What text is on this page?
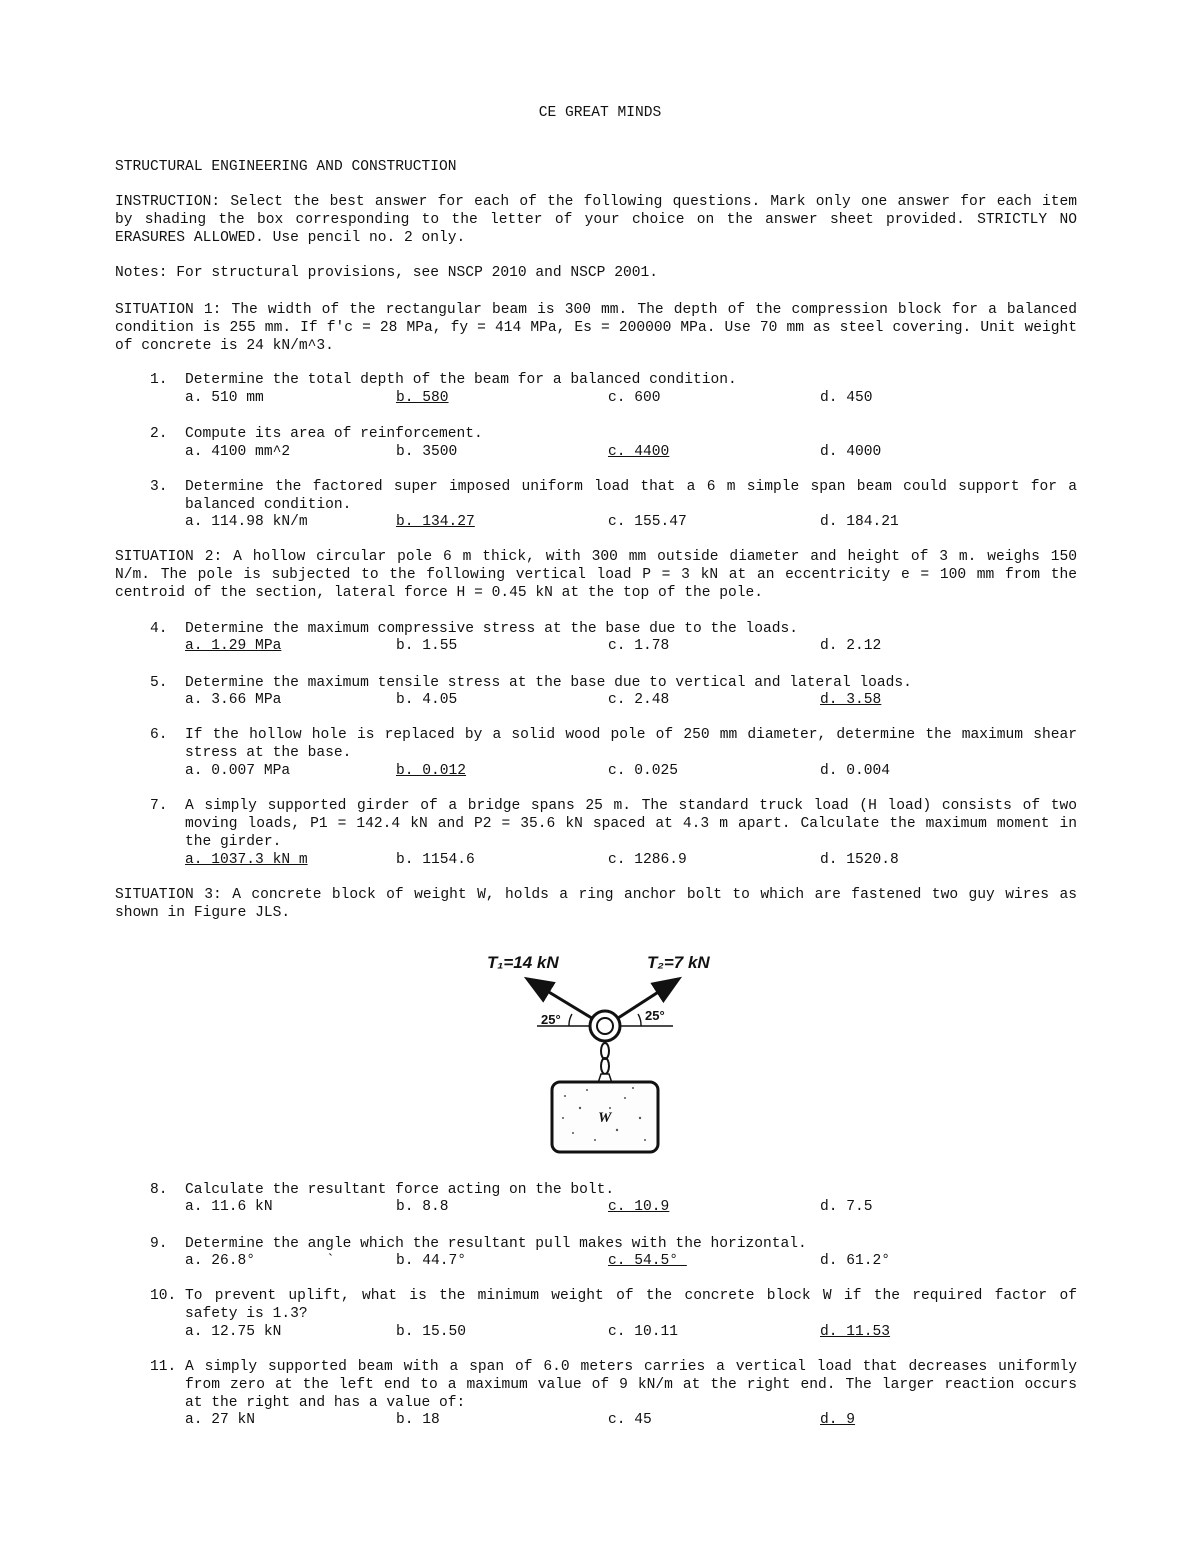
CE GREAT MINDS
STRUCTURAL ENGINEERING AND CONSTRUCTION
INSTRUCTION: Select the best answer for each of the following questions. Mark only one answer for each item by shading the box corresponding to the letter of your choice on the answer sheet provided. STRICTLY NO ERASURES ALLOWED. Use pencil no. 2 only.
Notes: For structural provisions, see NSCP 2010 and NSCP 2001.
SITUATION 1: The width of the rectangular beam is 300 mm. The depth of the compression block for a balanced condition is 255 mm. If f′c = 28 MPa, fy = 414 MPa, Es = 200000 MPa. Use 70 mm as steel covering. Unit weight of concrete is 24 kN/m^3.
1.	Determine the total depth of the beam for a balanced condition.
a. 510 mm	b. 580	c. 600	d. 450
2.	Compute its area of reinforcement.
a. 4100 mm^2	b. 3500	c. 4400	d. 4000
3.	Determine the factored super imposed uniform load that a 6 m simple span beam could support for a balanced condition.
a. 114.98 kN/m	b. 134.27	c. 155.47	d. 184.21
SITUATION 2: A hollow circular pole 6 m thick, with 300 mm outside diameter and height of 3 m. weighs 150 N/m. The pole is subjected to the following vertical load P = 3 kN at an eccentricity e = 100 mm from the centroid of the section, lateral force H = 0.45 kN at the top of the pole.
4.	Determine the maximum compressive stress at the base due to the loads.
a. 1.29 MPa	b. 1.55	c. 1.78	d. 2.12
5.	Determine the maximum tensile stress at the base due to vertical and lateral loads.
a. 3.66 MPa	b. 4.05	c. 2.48	d. 3.58
6.	If the hollow hole is replaced by a solid wood pole of 250 mm diameter, determine the maximum shear stress at the base.
a. 0.007 MPa	b. 0.012	c. 0.025	d. 0.004
7.	A simply supported girder of a bridge spans 25 m. The standard truck load (H load) consists of two moving loads, P1 = 142.4 kN and P2 = 35.6 kN spaced at 4.3 m apart. Calculate the maximum moment in the girder.
a. 1037.3 kN m	b. 1154.6	c. 1286.9	d. 1520.8
SITUATION 3: A concrete block of weight W, holds a ring anchor bolt to which are fastened two guy wires as shown in Figure JLS.
8.	Calculate the resultant force acting on the bolt.
a. 11.6 kN	b. 8.8	c. 10.9	d. 7.5
9.	Determine the angle which the resultant pull makes with the horizontal.
a. 26.8°	`	b. 44.7°	c. 54.5°	d. 61.2°
10. To prevent uplift, what is the minimum weight of the concrete block W if the required factor of safety is 1.3?
a. 12.75 kN	b. 15.50	c. 10.11	d. 11.53
11. A simply supported beam with a span of 6.0 meters carries a vertical load that decreases uniformly from zero at the left end to a maximum value of 9 kN/m at the right end. The larger reaction occurs at the right and has a value of:
a. 27 kN	b. 18	c. 45	d. 9
T₁=14 kN	T₂=7 kN
25°	25°
W
